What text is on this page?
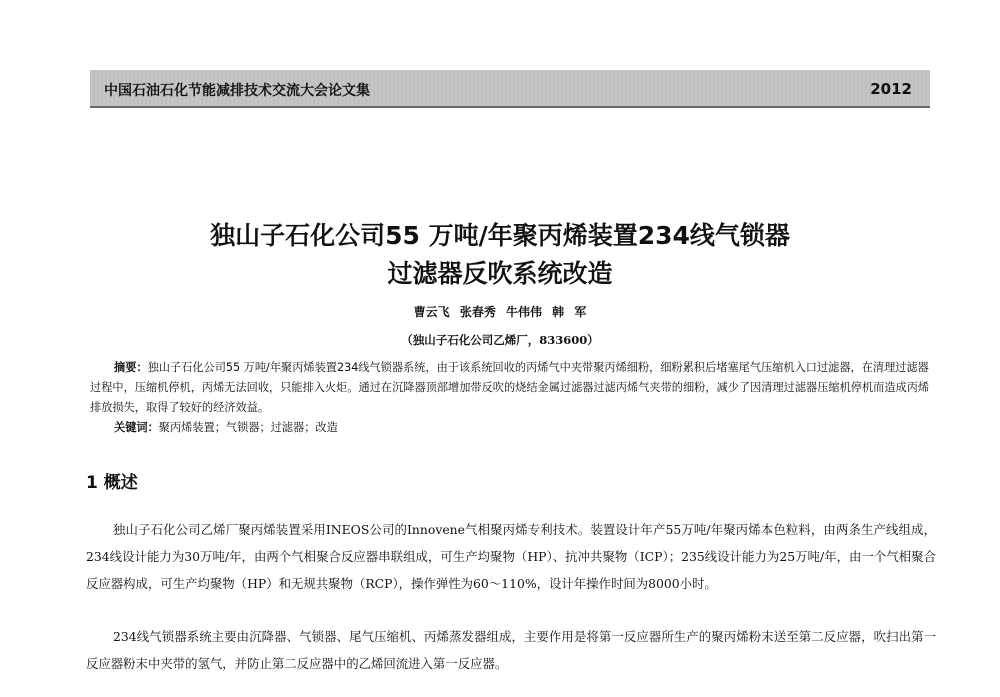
中国石油石化节能减排技术交流大会论文集	2012
独山子石化公司55 万吨/年聚丙烯装置234线气锁器
过滤器反吹系统改造
曹云飞 张春秀 牛伟伟 韩 军
（独山子石化公司乙烯厂，833600）
摘要：独山子石化公司55 万吨/年聚丙烯装置234线气锁器系统，由于该系统回收的丙烯气中夹带聚丙烯细粉，细粉累积后堵塞尾气压缩机入口过滤器，在清理过滤器过程中，压缩机停机，丙烯无法回收，只能排入火炬。通过在沉降器顶部增加带反吹的烧结金属过滤器过滤丙烯气夹带的细粉，减少了因清理过滤器压缩机停机而造成丙烯排放损失，取得了较好的经济效益。
关键词：聚丙烯装置；气锁器；过滤器；改造
1 概述
独山子石化公司乙烯厂聚丙烯装置采用INEOS公司的Innovene气相聚丙烯专利技术。装置设计年产55万吨/年聚丙烯本色粒料，由两条生产线组成，234线设计能力为30万吨/年，由两个气相聚合反应器串联组成，可生产均聚物（HP）、抗冲共聚物（ICP）；235线设计能力为25万吨/年，由一个气相聚合反应器构成，可生产均聚物（HP）和无规共聚物（RCP），操作弹性为60～110%，设计年操作时间为8000小时。
234线气锁器系统主要由沉降器、气锁器、尾气压缩机、丙烯蒸发器组成，主要作用是将第一反应器所生产的聚丙烯粉末送至第二反应器，吹扫出第一反应器粉末中夹带的氢气，并防止第二反应器中的乙烯回流进入第一反应器。
